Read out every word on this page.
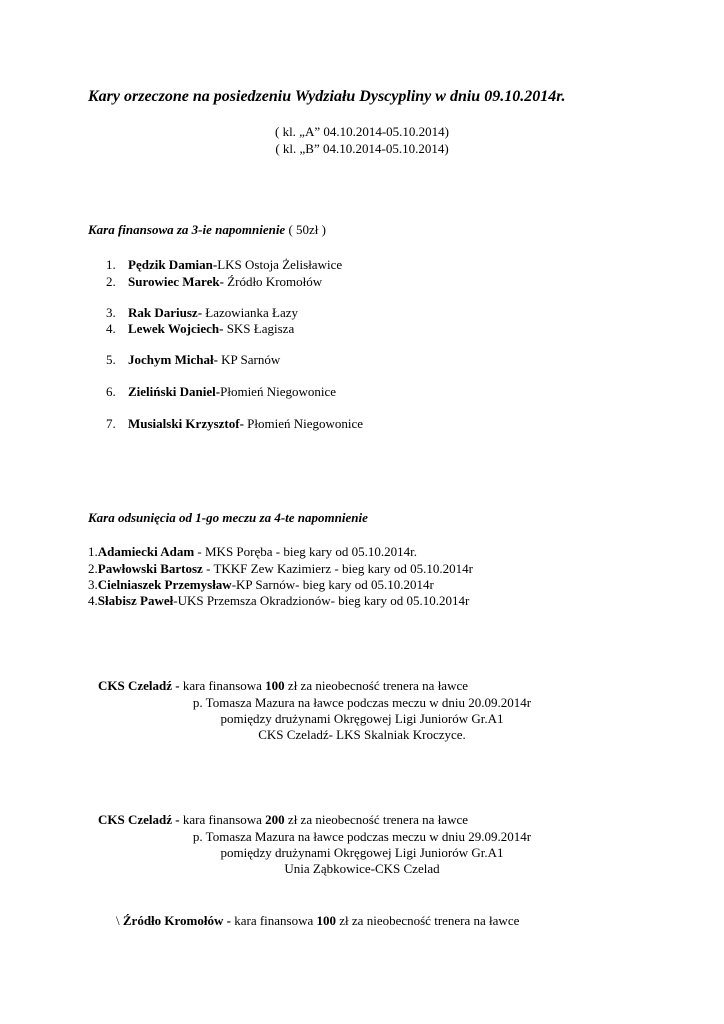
Kary orzeczone na posiedzeniu Wydziału Dyscypliny w dniu 09.10.2014r.
( kl. „A” 04.10.2014-05.10.2014)
( kl. „B” 04.10.2014-05.10.2014)
Kara finansowa za 3-ie napomnienie ( 50zł )
1. Pędzik Damian-LKS Ostoja Żelisławice
2. Surowiec Marek- Źródło Kromołów
3. Rak Dariusz- Łazowianka Łazy
4. Lewek Wojciech- SKS Łagisza
5. Jochym Michał- KP Sarnów
6. Zieliński Daniel-Płomień Niegowonice
7. Musialski Krzysztof- Płomień Niegowonice
Kara odsunięcia od 1-go meczu za 4-te napomnienie
1.Adamiecki Adam - MKS Poręba - bieg kary od 05.10.2014r.
2.Pawłowski Bartosz - TKKF Zew Kazimierz - bieg kary od 05.10.2014r
3.Cielniaszek Przemysław-KP Sarnów- bieg kary od 05.10.2014r
4.Słabisz Paweł-UKS Przemsza Okradzionów- bieg kary od 05.10.2014r
CKS Czeladź - kara finansowa 100 zł za nieobecność trenera na ławce
p. Tomasza Mazura na ławce podczas meczu w dniu 20.09.2014r
pomiędzy drużynami Okręgowej Ligi Juniorów Gr.A1
CKS Czeladź- LKS Skalniak Kroczyce.
CKS Czeladź - kara finansowa 200 zł za nieobecność trenera na ławce
p. Tomasza Mazura na ławce podczas meczu w dniu 29.09.2014r
pomiędzy drużynami Okręgowej Ligi Juniorów Gr.A1
Unia Ząbkowice-CKS Czelad
\ Źródło Kromołów - kara finansowa 100 zł za nieobecność trenera na ławce
